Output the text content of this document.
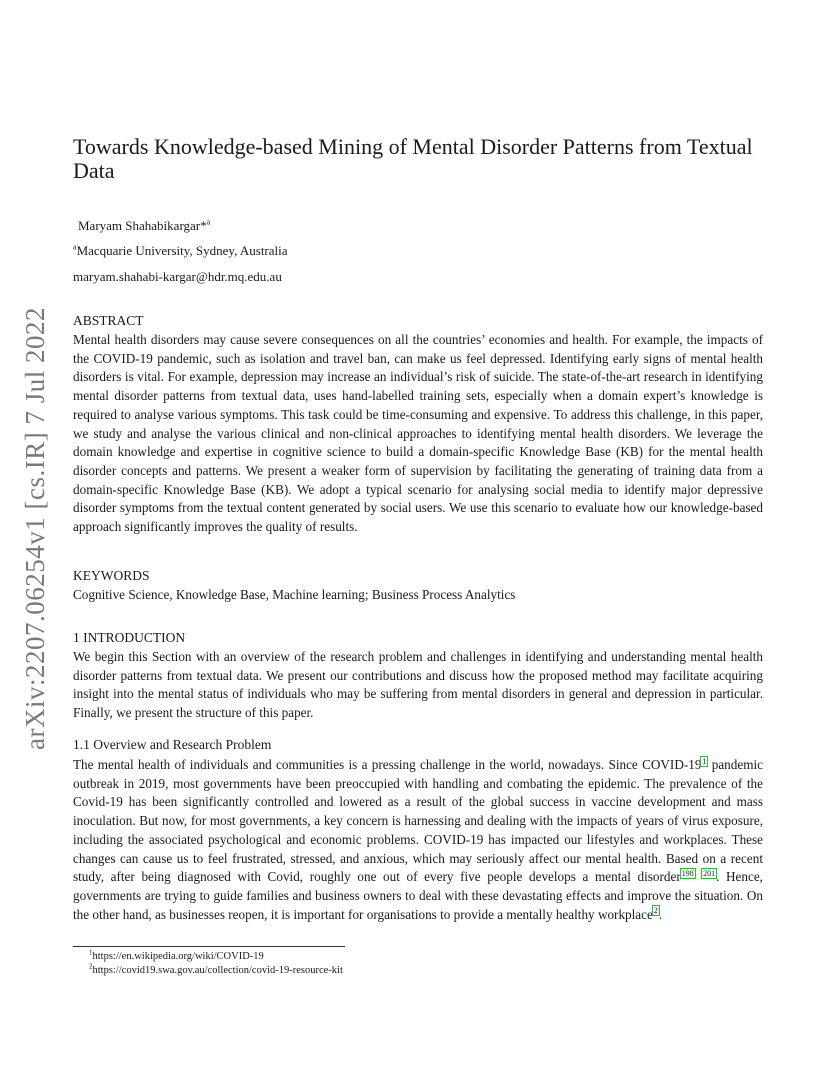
arXiv:2207.06254v1 [cs.IR] 7 Jul 2022
Towards Knowledge-based Mining of Mental Disorder Patterns from Textual Data
Maryam Shahabikargar*$^a$
$^a$Macquarie University, Sydney, Australia
maryam.shahabi-kargar@hdr.mq.edu.au
ABSTRACT

Mental health disorders may cause severe consequences on all the countries’ economies and health. For example, the impacts of the COVID-19 pandemic, such as isolation and travel ban, can make us feel depressed. Identifying early signs of mental health disorders is vital. For example, depression may increase an individual’s risk of suicide. The state-of-the-art research in identifying mental disorder patterns from textual data, uses hand-labelled training sets, especially when a domain expert’s knowledge is required to analyse various symptoms. This task could be time-consuming and expensive. To address this challenge, in this paper, we study and analyse the various clinical and non-clinical approaches to identifying mental health disorders. We leverage the domain knowledge and expertise in cognitive science to build a domain-specific Knowledge Base (KB) for the mental health disorder concepts and patterns. We present a weaker form of supervision by facilitating the generating of training data from a domain-specific Knowledge Base (KB). We adopt a typical scenario for analysing social media to identify major depressive disorder symptoms from the textual content generated by social users. We use this scenario to evaluate how our knowledge-based approach significantly improves the quality of results.

KEYWORDS

Cognitive Science, Knowledge Base, Machine learning; Business Process Analytics

1 INTRODUCTION

We begin this Section with an overview of the research problem and challenges in identifying and understanding mental health disorder patterns from textual data. We present our contributions and discuss how the proposed method may facilitate acquiring insight into the mental status of individuals who may be suffering from mental disorders in general and depression in particular. Finally, we present the structure of this paper.

1.1 Overview and Research Problem

The mental health of individuals and communities is a pressing challenge in the world, nowadays. Since COVID-$19^1$ pandemic outbreak in 2019, most governments have been preoccupied with handling and combating the epidemic. The prevalence of the Covid-19 has been significantly controlled and lowered as a result of the global success in vaccine development and mass inoculation. But now, for most governments, a key concern is harnessing and dealing with the impacts of years of virus exposure, including the associated psychological and economic problems. COVID-19 has impacted our lifestyles and workplaces. These changes can cause us to feel frustrated, stressed, and anxious, which may seriously affect our mental health. Based on a recent study, after being diagnosed with Covid, roughly one out of every five people develops a mental disorder$^{198,}$ $^{201}$. Hence, governments are trying to guide families and business owners to deal with these devastating effects and improve the situation. On the other hand, as businesses reopen, it is important for organisations to provide a mentally healthy workplace$^2$.

$^1$https://en.wikipedia.org/wiki/COVID-19
$^2$https://covid19.swa.gov.au/collection/covid-19-resource-kit
